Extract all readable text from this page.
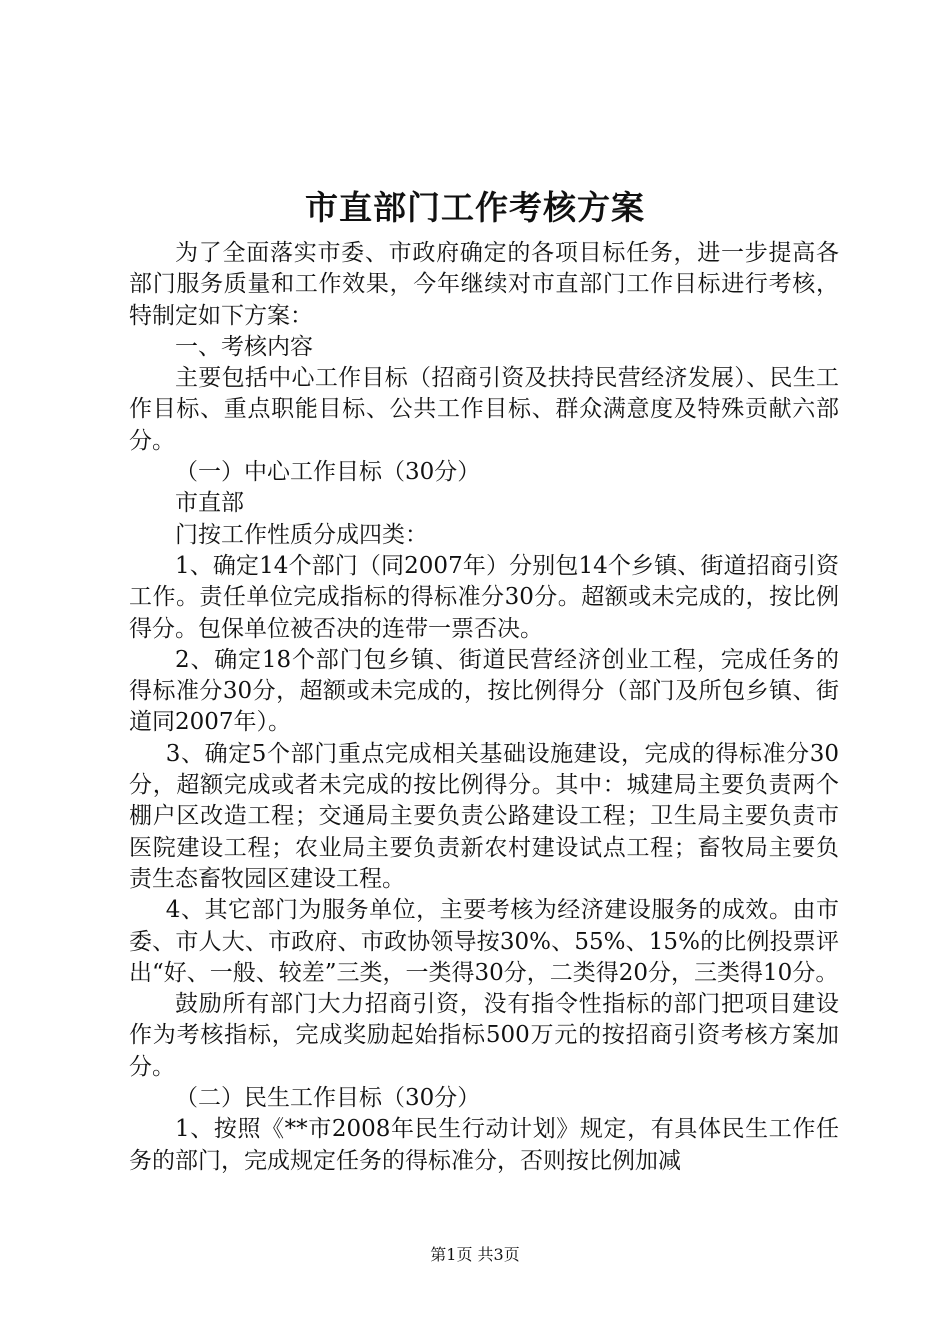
市直部门工作考核方案

为了全面落实市委、市政府确定的各项目标任务，进一步提高各部门服务质量和工作效果，今年继续对市直部门工作目标进行考核，特制定如下方案：

一、考核内容

主要包括中心工作目标（招商引资及扶持民营经济发展）、民生工作目标、重点职能目标、公共工作目标、群众满意度及特殊贡献六部分。

（一）中心工作目标（30分）

市直部

门按工作性质分成四类：

1、确定14个部门（同2007年）分别包14个乡镇、街道招商引资工作。责任单位完成指标的得标准分30分。超额或未完成的，按比例得分。包保单位被否决的连带一票否决。

2、确定18个部门包乡镇、街道民营经济创业工程，完成任务的得标准分30分，超额或未完成的，按比例得分（部门及所包乡镇、街道同2007年）。

3、确定5个部门重点完成相关基础设施建设，完成的得标准分30分，超额完成或者未完成的按比例得分。其中：城建局主要负责两个棚户区改造工程；交通局主要负责公路建设工程；卫生局主要负责市医院建设工程；农业局主要负责新农村建设试点工程；畜牧局主要负责生态畜牧园区建设工程。

4、其它部门为服务单位，主要考核为经济建设服务的成效。由市委、市人大、市政府、市政协领导按30%、55%、15%的比例投票评出“好、一般、较差”三类，一类得30分，二类得20分，三类得10分。

鼓励所有部门大力招商引资，没有指令性指标的部门把项目建设作为考核指标，完成奖励起始指标500万元的按招商引资考核方案加分。

（二）民生工作目标（30分）

1、按照《**市2008年民生行动计划》规定，有具体民生工作任务的部门，完成规定任务的得标准分，否则按比例加减

第1页 共3页
